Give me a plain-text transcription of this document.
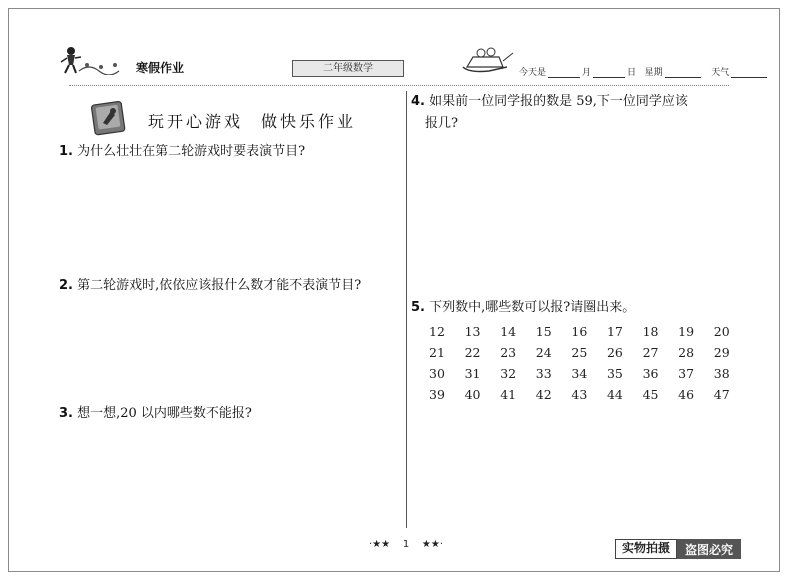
寒假作业	二年级数学	今天是	月	日 星期	天气
玩开心游戏 做快乐作业
1. 为什么壮壮在第二轮游戏时要表演节目?
2. 第二轮游戏时,依依应该报什么数才能不表演节目?
3. 想一想,20 以内哪些数不能报?
4. 如果前一位同学报的数是 59,下一位同学应该
报几?
5. 下列数中,哪些数可以报?请圈出来。
12	13	14	15	16	17	18	19	20
21	22	23	24	25	26	27	28	29
30	31	32	33	34	35	36	37	38
39	40	41	42	43	44	45	46	47
·★★    1    ★★·	实物拍摄	盗图必究
